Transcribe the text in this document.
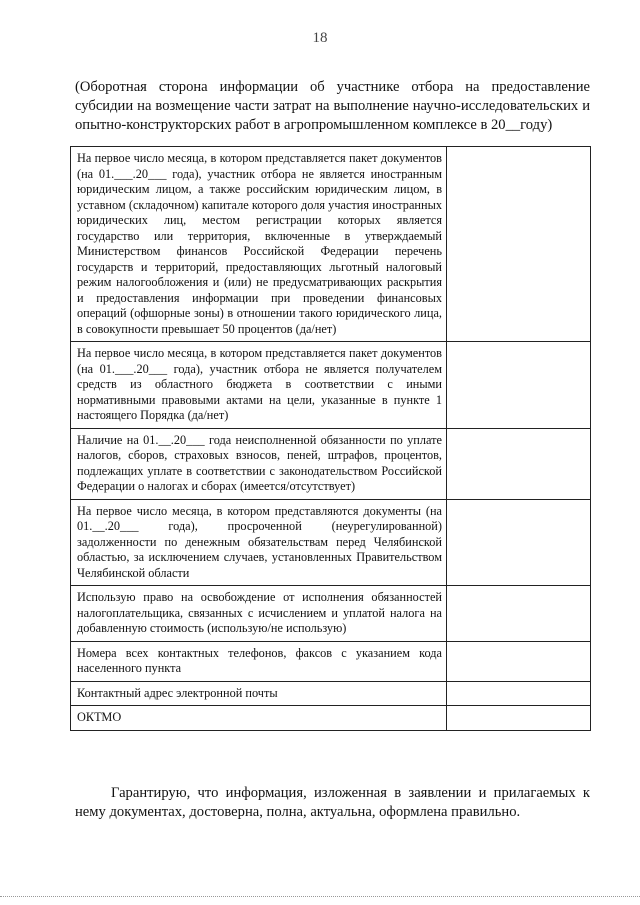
18
(Оборотная сторона информации об участнике отбора на предоставление субсидии на возмещение части затрат на выполнение научно-исследовательских и опытно-конструкторских работ в агропромышленном комплексе в 20__году)
На первое число месяца, в котором представляется пакет документов (на 01.___.20___ года), участник отбора не является иностранным юридическим лицом, а также российским юридическим лицом, в уставном (складочном) капитале которого доля участия иностранных юридических лиц, местом регистрации которых является государство или территория, включенные в утверждаемый Министерством финансов Российской Федерации перечень государств и территорий, предоставляющих льготный налоговый режим налогообложения и (или) не предусматривающих раскрытия и предоставления информации при проведении финансовых операций (офшорные зоны) в отношении такого юридического лица, в совокупности превышает 50 процентов (да/нет)	
На первое число месяца, в котором представляется пакет документов (на 01.___.20___ года), участник отбора не является получателем средств из областного бюджета в соответствии с иными нормативными правовыми актами на цели, указанные в пункте 1 настоящего Порядка (да/нет)	
Наличие на 01.__.20___ года неисполненной обязанности по уплате налогов, сборов, страховых взносов, пеней, штрафов, процентов, подлежащих уплате в соответствии с законодательством Российской Федерации о налогах и сборах (имеется/отсутствует)	
На первое число месяца, в котором представляются документы (на 01.__.20___ года), просроченной (неурегулированной) задолженности по денежным обязательствам перед Челябинской областью, за исключением случаев, установленных Правительством Челябинской области	
Использую право на освобождение от исполнения обязанностей налогоплательщика, связанных с исчислением и уплатой налога на добавленную стоимость (использую/не использую)	
Номера всех контактных телефонов, факсов с указанием кода населенного пункта	
Контактный адрес электронной почты	
ОКТМО	
Гарантирую, что информация, изложенная в заявлении и прилагаемых к нему документах, достоверна, полна, актуальна, оформлена правильно.
